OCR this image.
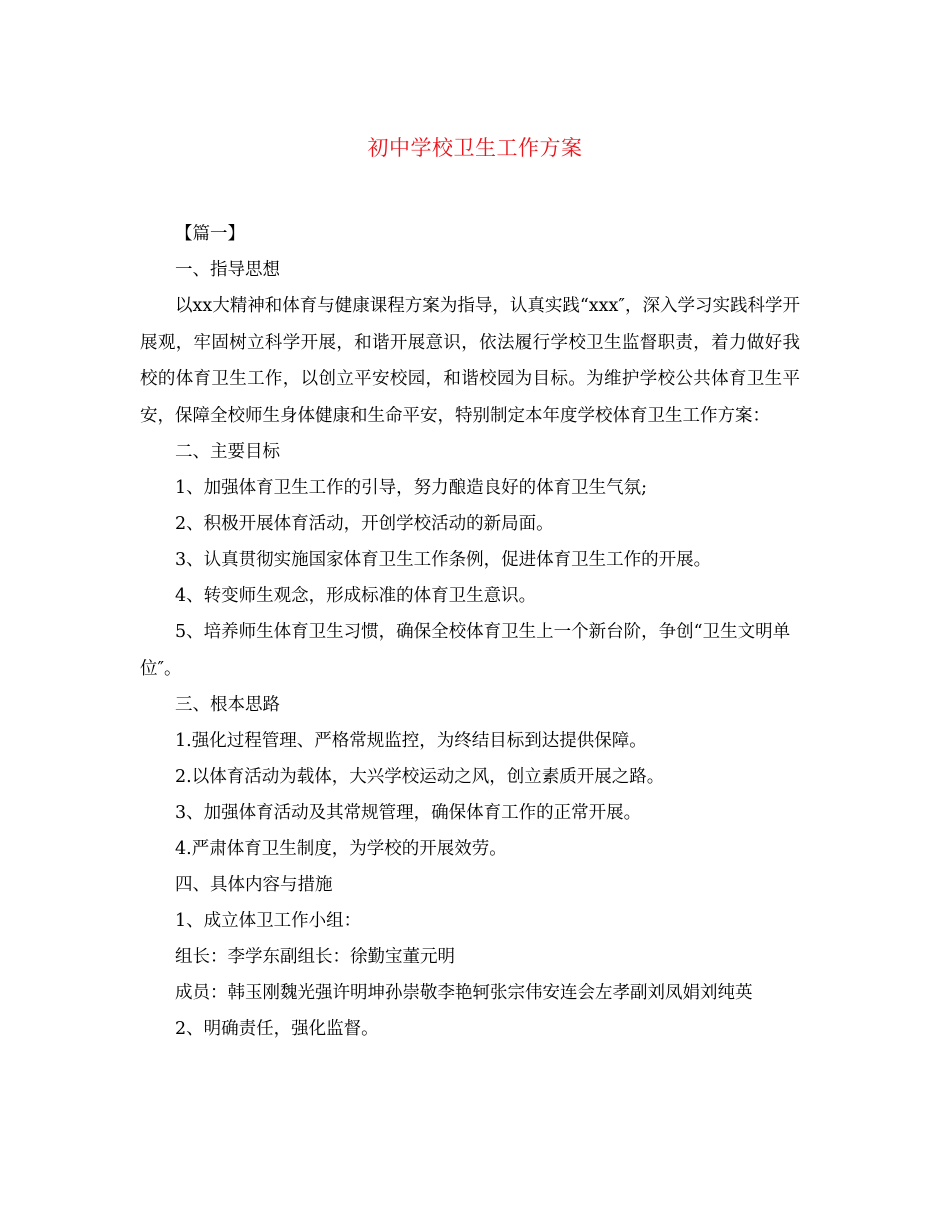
初中学校卫生工作方案

【篇一】

一、指导思想

以xx大精神和体育与健康课程方案为指导，认真实践“xxx″，深入学习实践科学开展观，牢固树立科学开展，和谐开展意识，依法履行学校卫生监督职责，着力做好我校的体育卫生工作，以创立平安校园，和谐校园为目标。为维护学校公共体育卫生平安，保障全校师生身体健康和生命平安，特别制定本年度学校体育卫生工作方案：

二、主要目标

1、加强体育卫生工作的引导，努力酿造良好的体育卫生气氛;

2、积极开展体育活动，开创学校活动的新局面。

3、认真贯彻实施国家体育卫生工作条例，促进体育卫生工作的开展。

4、转变师生观念，形成标准的体育卫生意识。

5、培养师生体育卫生习惯，确保全校体育卫生上一个新台阶，争创“卫生文明单位″。

三、根本思路

1.强化过程管理、严格常规监控，为终结目标到达提供保障。

2.以体育活动为载体，大兴学校运动之风，创立素质开展之路。

3、加强体育活动及其常规管理，确保体育工作的正常开展。

4.严肃体育卫生制度，为学校的开展效劳。

四、具体内容与措施

1、成立体卫工作小组：

组长：李学东副组长：徐勤宝董元明

成员：韩玉刚魏光强许明坤孙崇敬李艳轲张宗伟安连会左孝副刘凤娟刘纯英

2、明确责任，强化监督。
